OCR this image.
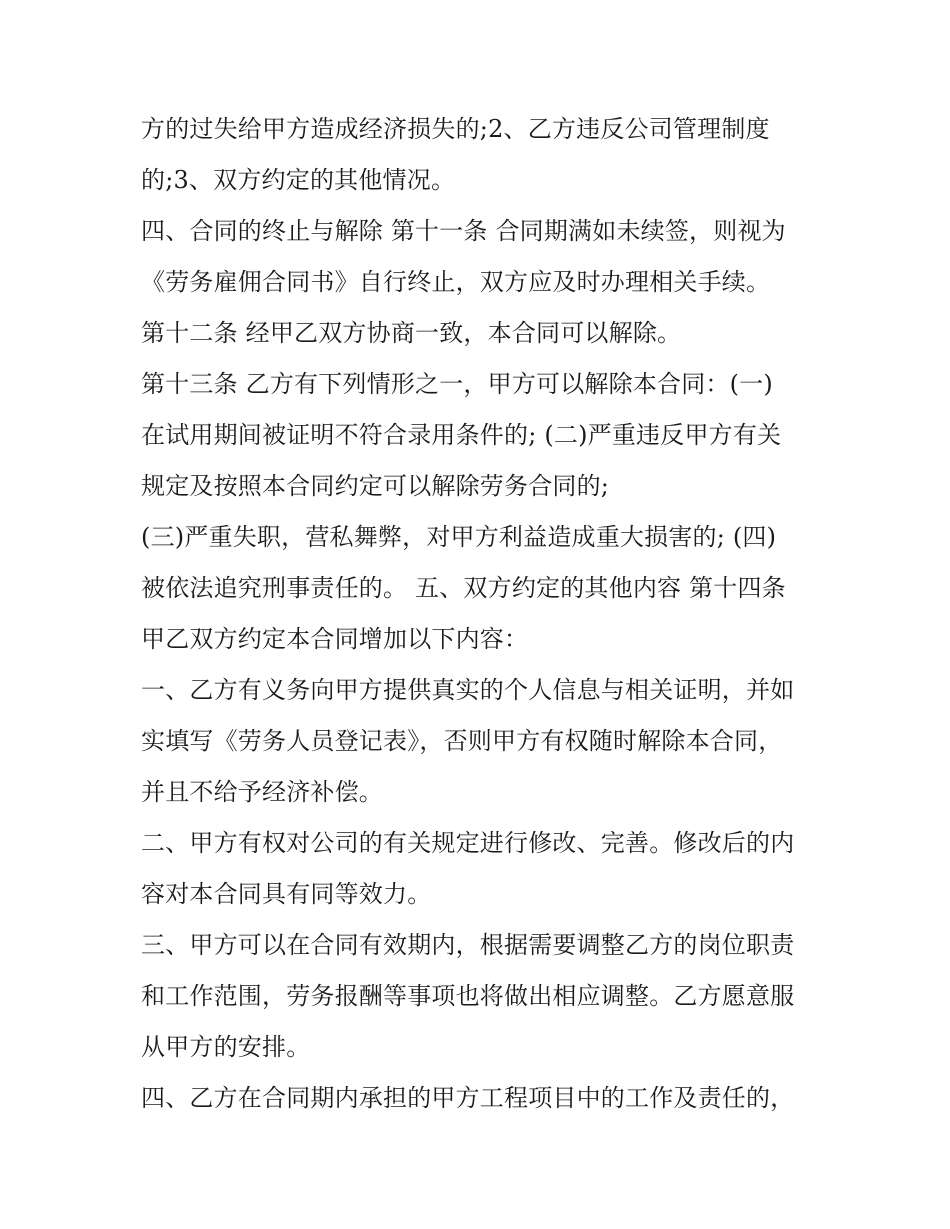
方的过失给甲方造成经济损失的;2、乙方违反公司管理制度
的;3、双方约定的其他情况。
四、合同的终止与解除 第十一条 合同期满如未续签，则视为
《劳务雇佣合同书》自行终止，双方应及时办理相关手续。
第十二条 经甲乙双方协商一致，本合同可以解除。
第十三条 乙方有下列情形之一，甲方可以解除本合同：(一)
在试用期间被证明不符合录用条件的; (二)严重违反甲方有关
规定及按照本合同约定可以解除劳务合同的;
(三)严重失职，营私舞弊，对甲方利益造成重大损害的; (四)
被依法追究刑事责任的。 五、双方约定的其他内容 第十四条
甲乙双方约定本合同增加以下内容：
一、乙方有义务向甲方提供真实的个人信息与相关证明，并如
实填写《劳务人员登记表》，否则甲方有权随时解除本合同，
并且不给予经济补偿。
二、甲方有权对公司的有关规定进行修改、完善。修改后的内
容对本合同具有同等效力。
三、甲方可以在合同有效期内，根据需要调整乙方的岗位职责
和工作范围，劳务报酬等事项也将做出相应调整。乙方愿意服
从甲方的安排。
四、乙方在合同期内承担的甲方工程项目中的工作及责任的，
